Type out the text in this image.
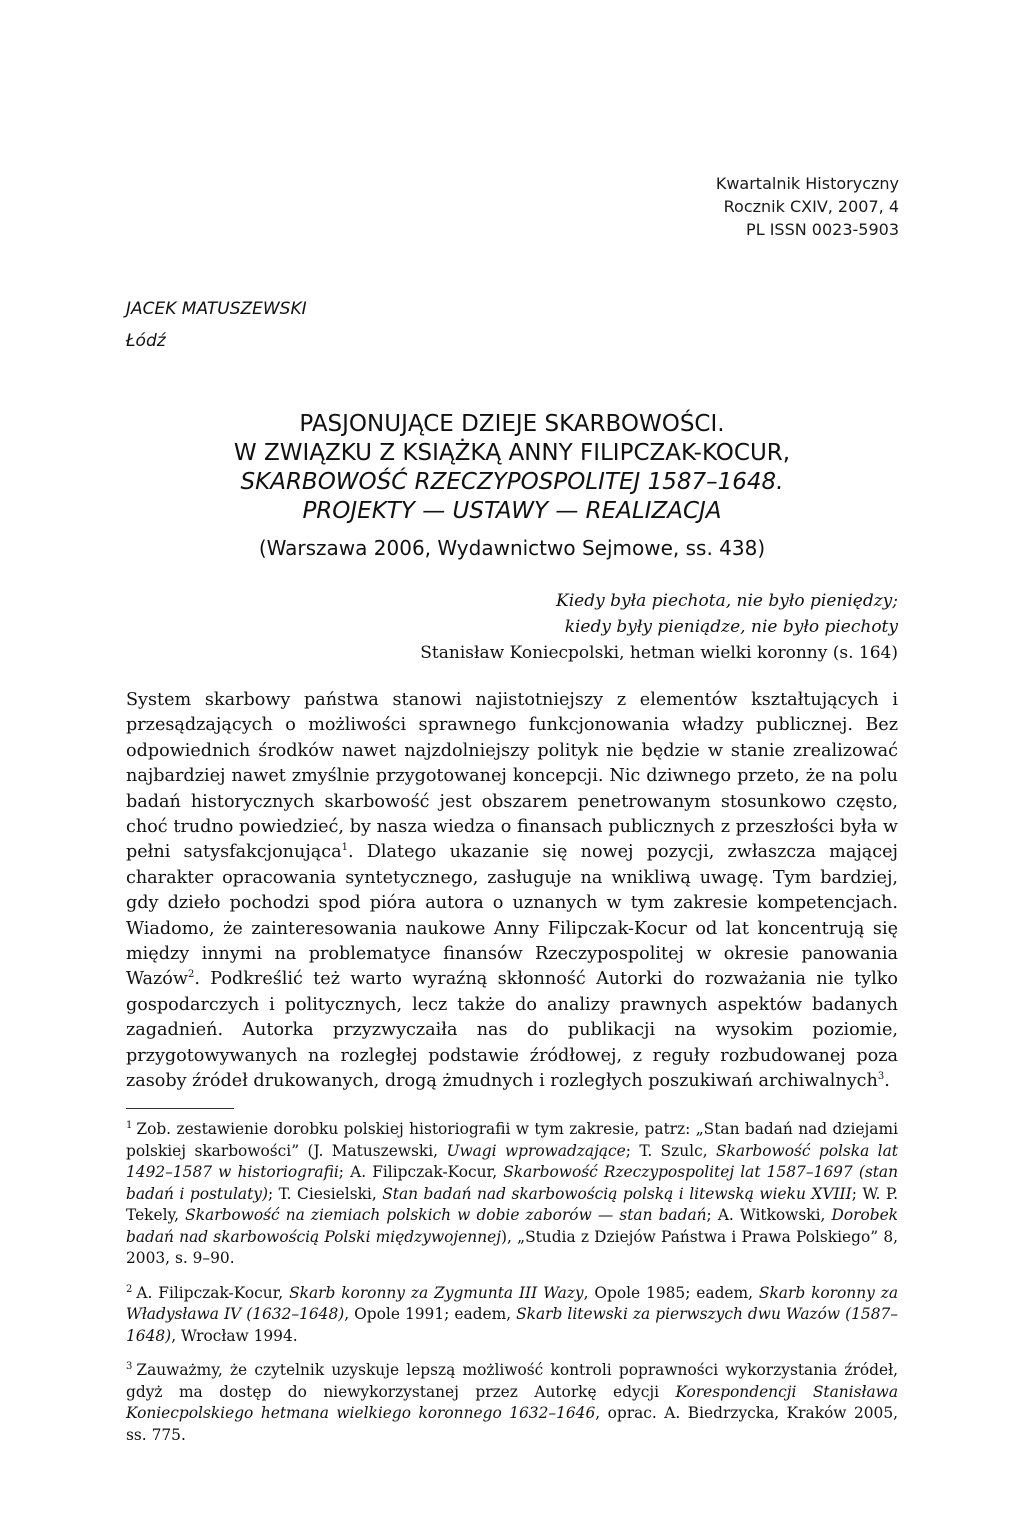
Kwartalnik Historyczny
Rocznik CXIV, 2007, 4
PL ISSN 0023-5903
JACEK MATUSZEWSKI
Łódź
PASJONUJĄCE DZIEJE SKARBOWOŚCI.
W ZWIĄZKU Z KSIĄŻKĄ ANNY FILIPCZAK-KOCUR,
SKARBOWOŚĆ RZECZYPOSPOLITEJ 1587–1648.
PROJEKTY — USTAWY — REALIZACJA
(Warszawa 2006, Wydawnictwo Sejmowe, ss. 438)
Kiedy była piechota, nie było pieniędzy;
kiedy były pieniądze, nie było piechoty
Stanisław Koniecpolski, hetman wielki koronny (s. 164)
System skarbowy państwa stanowi najistotniejszy z elementów kształtujących i przesądzających o możliwości sprawnego funkcjonowania władzy publicznej. Bez odpowiednich środków nawet najzdolniejszy polityk nie będzie w stanie zrealizować najbardziej nawet zmyślnie przygotowanej koncepcji. Nic dziwnego przeto, że na polu badań historycznych skarbowość jest obszarem penetrowanym stosunkowo często, choć trudno powiedzieć, by nasza wiedza o finansach publicznych z przeszłości była w pełni satysfakcjonująca$^1$. Dlatego ukazanie się nowej pozycji, zwłaszcza mającej charakter opracowania syntetycznego, zasługuje na wnikliwą uwagę. Tym bardziej, gdy dzieło pochodzi spod pióra autora o uznanych w tym zakresie kompetencjach. Wiadomo, że zainteresowania naukowe Anny Filipczak-Kocur od lat koncentrują się między innymi na problematyce finansów Rzeczypospolitej w okresie panowania Wazów$^2$. Podkreślić też warto wyraźną skłonność Autorki do rozważania nie tylko gospodarczych i politycznych, lecz także do analizy prawnych aspektów badanych zagadnień. Autorka przyzwyczaiła nas do publikacji na wysokim poziomie, przygotowywanych na rozległej podstawie źródłowej, z reguły rozbudowanej poza zasoby źródeł drukowanych, drogą żmudnych i rozległych poszukiwań archiwalnych$^3$.

$^1$ Zob. zestawienie dorobku polskiej historiografii w tym zakresie, patrz: „Stan badań nad dziejami polskiej skarbowości” (J. Matuszewski, Uwagi wprowadzające; T. Szulc, Skarbowość polska lat 1492–1587 w historiografii; A. Filipczak-Kocur, Skarbowość Rzeczypospolitej lat 1587–1697 (stan badań i postulaty); T. Ciesielski, Stan badań nad skarbowością polską i litewską wieku XVIII; W. P. Tekely, Skarbowość na ziemiach polskich w dobie zaborów — stan badań; A. Witkowski, Dorobek badań nad skarbowością Polski międzywojennej), „Studia z Dziejów Państwa i Prawa Polskiego” 8, 2003, s. 9–90.

$^2$ A. Filipczak-Kocur, Skarb koronny za Zygmunta III Wazy, Opole 1985; eadem, Skarb koronny za Władysława IV (1632–1648), Opole 1991; eadem, Skarb litewski za pierwszych dwu Wazów (1587–1648), Wrocław 1994.

$^3$ Zauważmy, że czytelnik uzyskuje lepszą możliwość kontroli poprawności wykorzystania źródeł, gdyż ma dostęp do niewykorzystanej przez Autorkę edycji Korespondencji Stanisława Koniecpolskiego hetmana wielkiego koronnego 1632–1646, oprac. A. Biedrzycka, Kraków 2005, ss. 775.
